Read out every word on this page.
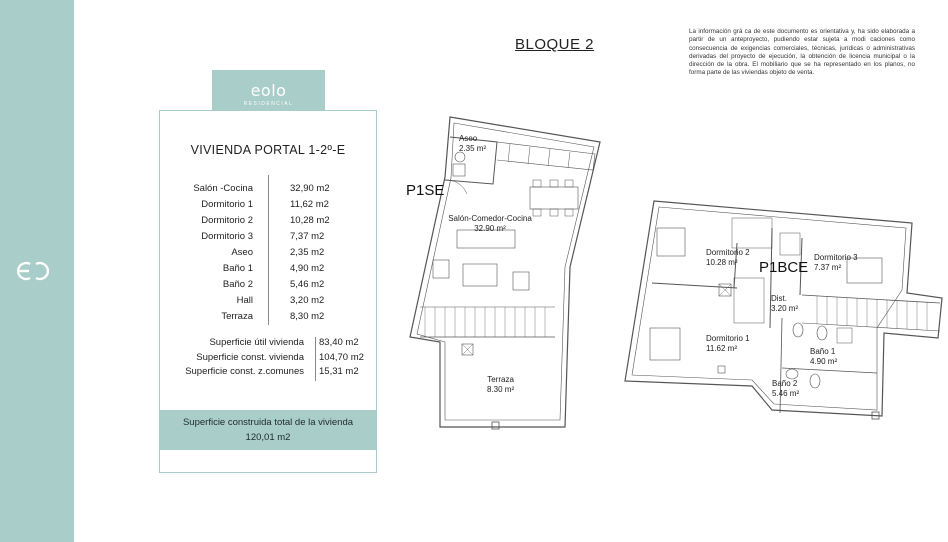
eolo
RESIDENCIAL
VIVIENDA PORTAL 1-2º-E
Salón -Cocina	32,90 m2
Dormitorio 1	11,62 m2
Dormitorio 2	10,28 m2
Dormitorio 3	7,37 m2
Aseo	2,35 m2
Baño 1	4,90 m2
Baño 2	5,46 m2
Hall	3,20 m2
Terraza	8,30 m2
Superficie útil vivienda 83,40 m2
Superficie const. vivienda 104,70 m2
Superficie const. z.comunes 15,31 m2
Superficie construida total de la vivienda
120,01 m2
BLOQUE 2
La información grá ca de este documento es orientativa y, ha sido elaborada a partir de un anteproyecto, pudiendo estar sujeta a modi caciones como consecuencia de exigencias comerciales, técnicas, jurídicas o administrativas derivadas del proyecto de ejecución, la obtención de licencia municipal o la dirección de la obra. El mobiliario que se ha representado en los planos, no forma parte de las viviendas objeto de venta.
P1SE
Aseo
2.35 m²
Salón-Comedor-Cocina
32.90 m²
Terraza
8.30 m²
P1BCE
Dormitorio 2
10.28 m²
Dormitorio 3
7.37 m²
Dist.
3.20 m²
Dormitorio 1
11.62 m²	Baño 1
4.90 m²
Baño 2
5.46 m²
